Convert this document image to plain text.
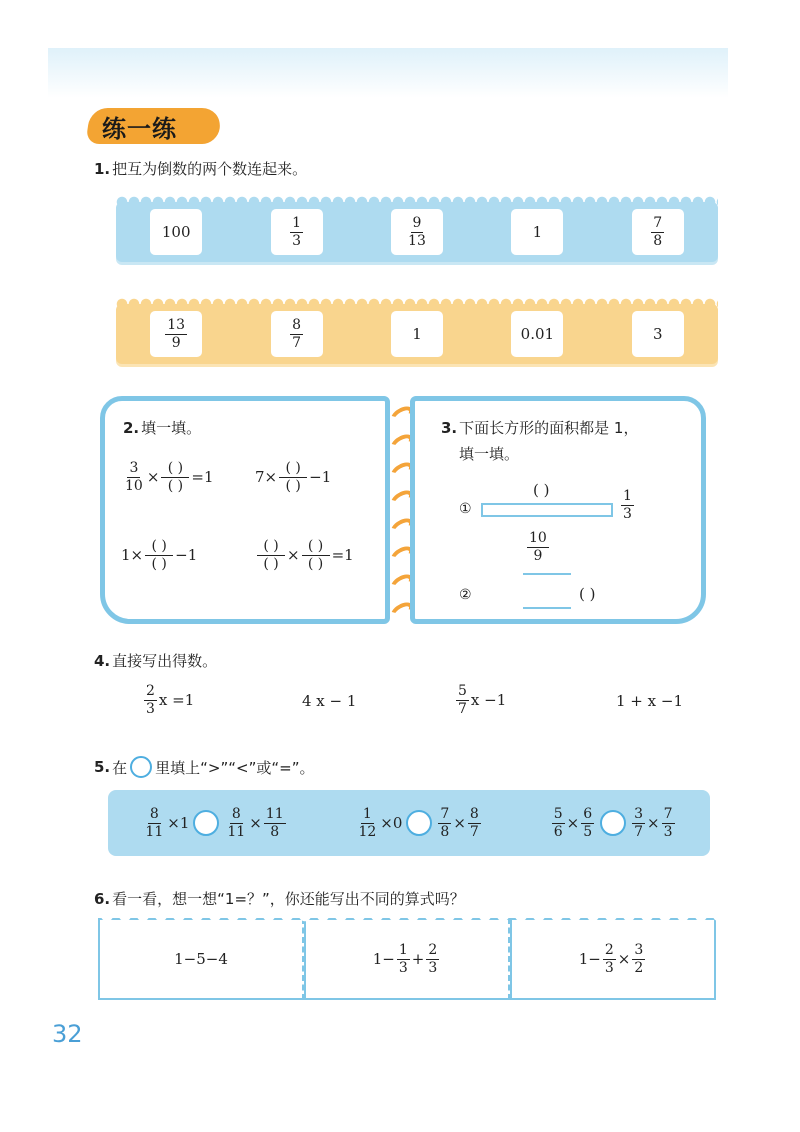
练一练
1. 把互为倒数的两个数连起来。
100	$\frac{1}{3}$	$\frac{9}{13}$	1	$\frac{7}{8}$
$\frac{13}{9}$	$\frac{8}{7}$	1	0.01	3
2. 填一填。
$\frac{3}{10} \times \frac{( )}{( )} =1$	$7 \times \frac{( )}{( )} -1$
$1 \times \frac{( )}{( )} -1$	$\frac{( )}{( )} \times \frac{( )}{( )} =1$
3. 下面长方形的面积都是 1，
填一填。
( )
①	$\frac{1}{3}$
$\frac{10}{9}$
②	( )
4. 直接写出得数。
$\frac{2}{3}$ x =1	4 x − 1	$\frac{5}{7}$ x −1	1 + x −1
5. 在 里填上“>”“<”或“=”。
$\frac{8}{11} \times 1$	$\frac{8}{11} \times \frac{11}{8}$	$\frac{1}{12} \times 0$	$\frac{7}{8} \times \frac{8}{7}$	$\frac{5}{6} \times \frac{6}{5}$	$\frac{3}{7} \times \frac{7}{3}$
6. 看一看，想一想“1=？”，你还能写出不同的算式吗？
1−5−4	$1- \frac{1}{3} + \frac{2}{3}$	$1- \frac{2}{3} \times \frac{3}{2}$
32
